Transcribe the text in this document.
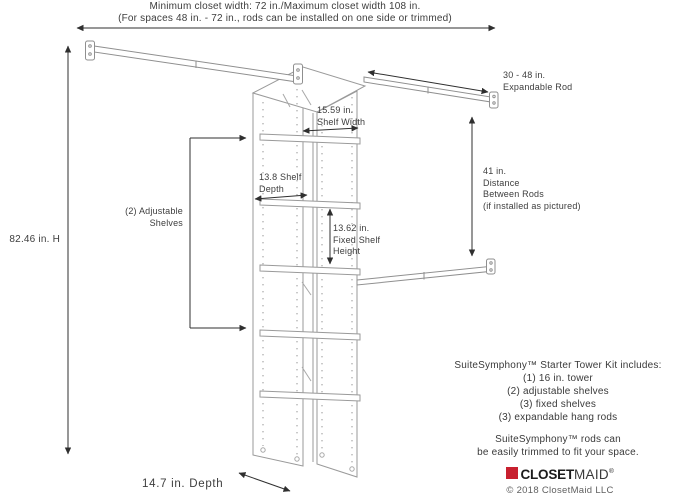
Minimum closet width: 72 in./Maximum closet width 108 in.
(For spaces 48 in. - 72 in., rods can be installed on one side or trimmed)
82.46 in. H
30 - 48 in.
Expandable Rod
15.59 in.
Shelf Width
13.8 Shelf
Depth
(2) Adjustable
Shelves
13.62 in.
Fixed Shelf
Height
41 in.
Distance
Between Rods
(if installed as pictured)
14.7 in. Depth
SuiteSymphony™ Starter Tower Kit includes:
(1) 16 in. tower
(2) adjustable shelves
(3) fixed shelves
(3) expandable hang rods
SuiteSymphony™ rods can
be easily trimmed to fit your space.
CLOSETMAID®
© 2018 ClosetMaid LLC
